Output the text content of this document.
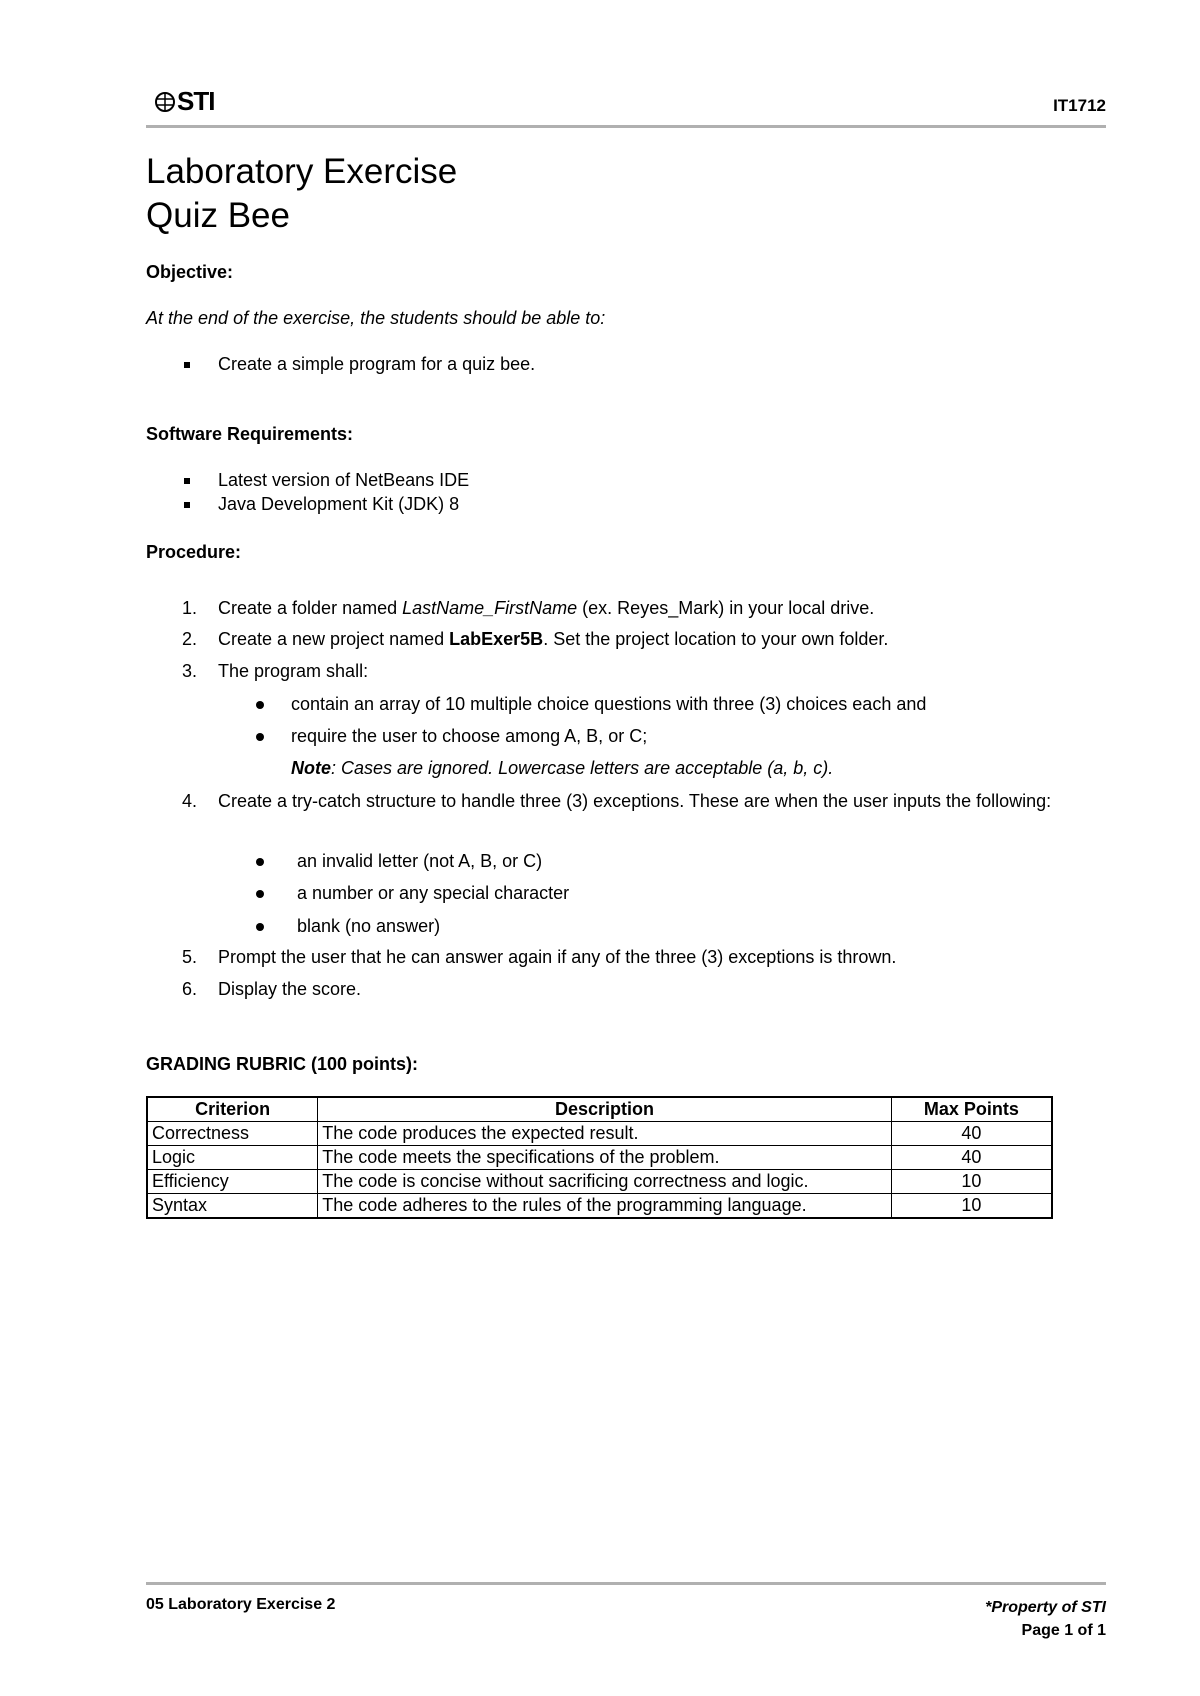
STI	IT1712
Laboratory Exercise
Quiz Bee
Objective:
At the end of the exercise, the students should be able to:
Create a simple program for a quiz bee.
Software Requirements:
Latest version of NetBeans IDE
Java Development Kit (JDK) 8
Procedure:
1. Create a folder named LastName_FirstName (ex. Reyes_Mark) in your local drive.
2. Create a new project named LabExer5B. Set the project location to your own folder.
3. The program shall:
contain an array of 10 multiple choice questions with three (3) choices each and
require the user to choose among A, B, or C;
Note: Cases are ignored. Lowercase letters are acceptable (a, b, c).
4. Create a try-catch structure to handle three (3) exceptions. These are when the user inputs the following:
an invalid letter (not A, B, or C)
a number or any special character
blank (no answer)
5. Prompt the user that he can answer again if any of the three (3) exceptions is thrown.
6. Display the score.
GRADING RUBRIC (100 points):
Criterion	Description	Max Points
Correctness	The code produces the expected result.	40
Logic	The code meets the specifications of the problem.	40
Efficiency	The code is concise without sacrificing correctness and logic.	10
Syntax	The code adheres to the rules of the programming language.	10
05 Laboratory Exercise 2	*Property of STI
Page 1 of 1
